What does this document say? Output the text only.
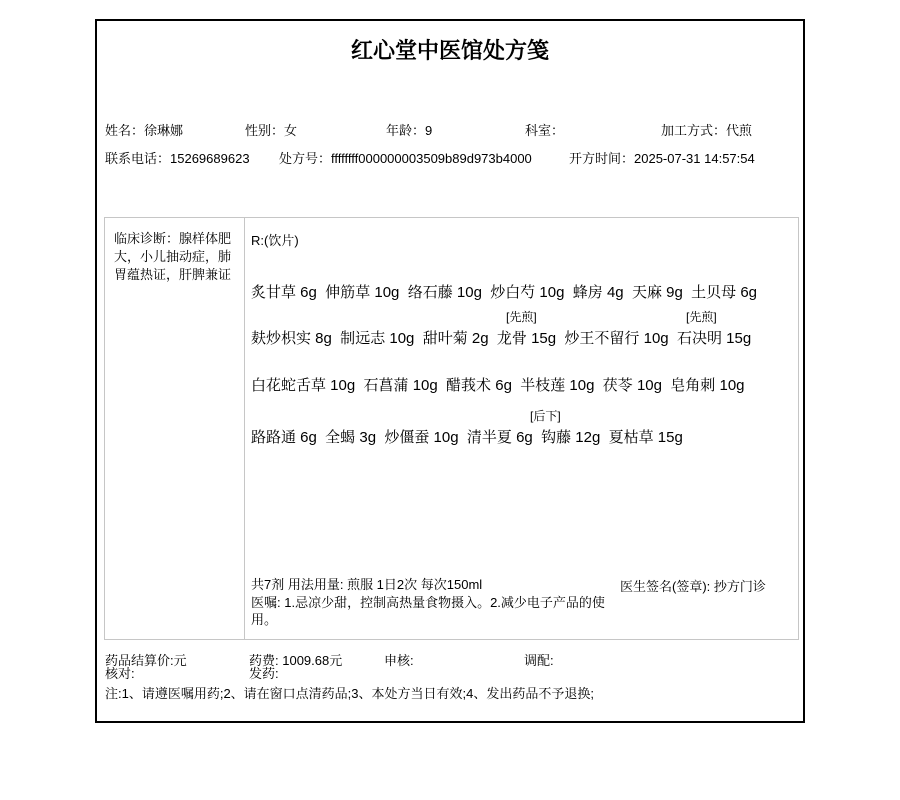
红心堂中医馆处方笺
姓名：徐琳娜	性别：女	年龄：9	科室：	加工方式：代煎
联系电话：15269689623 处方号：ffffffff000000003509b89d973b4000	开方时间：2025-07-31 14:57:54
临床诊断：腺样体肥大，小儿抽动症，肺胃蕴热证，肝脾兼证
R:(饮片)
炙甘草 6g  伸筋草 10g  络石藤 10g  炒白芍 10g  蜂房 4g  天麻 9g  土贝母 6g
[先煎]	[先煎]
麸炒枳实 8g  制远志 10g  甜叶菊 2g  龙骨 15g  炒王不留行 10g  石决明 15g
白花蛇舌草 10g  石菖蒲 10g  醋莪术 6g  半枝莲 10g  茯苓 10g  皂角刺 10g
[后下]
路路通 6g  全蝎 3g  炒僵蚕 10g  清半夏 6g  钩藤 12g  夏枯草 15g
共7剂 用法用量: 煎服 1日2次 每次150ml
医嘱: 1.忌凉少甜，控制高热量食物摄入。2.减少电子产品的使用。
医生签名(签章): 抄方门诊
药品结算价:元	药费: 1009.68元	申核:	调配:
核对:	发药:
注:1、请遵医嘱用药;2、请在窗口点清药品;3、本处方当日有效;4、发出药品不予退换;
